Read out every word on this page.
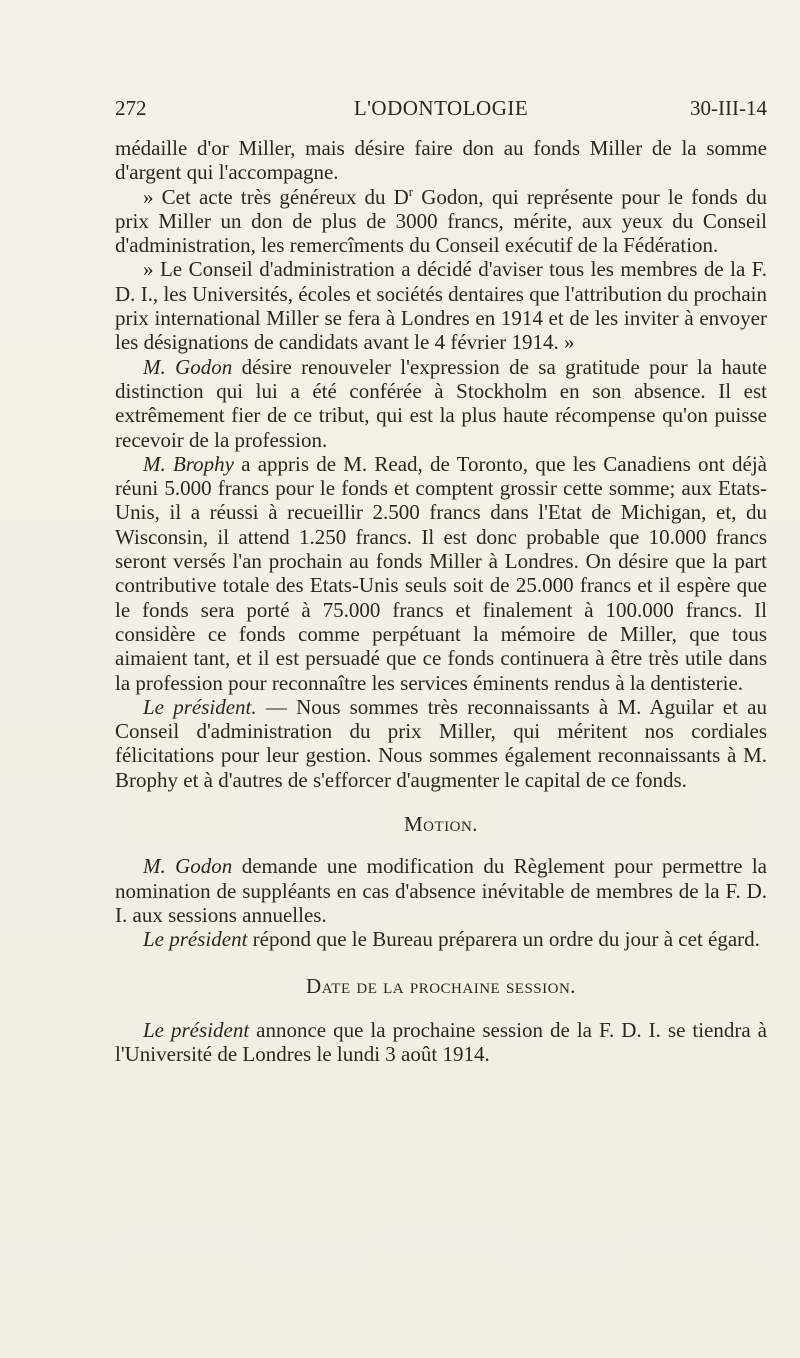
272	L'ODONTOLOGIE	30-III-14

médaille d'or Miller, mais désire faire don au fonds Miller de la somme d'argent qui l'accompagne.

» Cet acte très généreux du $D^r$ Godon, qui représente pour le fonds du prix Miller un don de plus de 3000 francs, mérite, aux yeux du Conseil d'administration, les remercîments du Conseil exécutif de la Fédération.

» Le Conseil d'administration a décidé d'aviser tous les membres de la F. D. I., les Universités, écoles et sociétés dentaires que l'attribution du prochain prix international Miller se fera à Londres en 1914 et de les inviter à envoyer les désignations de candidats avant le 4 février 1914. »

M. Godon désire renouveler l'expression de sa gratitude pour la haute distinction qui lui a été conférée à Stockholm en son absence. Il est extrêmement fier de ce tribut, qui est la plus haute récompense qu'on puisse recevoir de la profession.

M. Brophy a appris de M. Read, de Toronto, que les Canadiens ont déjà réuni 5.000 francs pour le fonds et comptent grossir cette somme; aux Etats-Unis, il a réussi à recueillir 2.500 francs dans l'Etat de Michigan, et, du Wisconsin, il attend 1.250 francs. Il est donc probable que 10.000 francs seront versés l'an prochain au fonds Miller à Londres. On désire que la part contributive totale des Etats-Unis seuls soit de 25.000 francs et il espère que le fonds sera porté à 75.000 francs et finalement à 100.000 francs. Il considère ce fonds comme perpétuant la mémoire de Miller, que tous aimaient tant, et il est persuadé que ce fonds continuera à être très utile dans la profession pour reconnaître les services éminents rendus à la dentisterie.

Le président. — Nous sommes très reconnaissants à M. Aguilar et au Conseil d'administration du prix Miller, qui méritent nos cordiales félicitations pour leur gestion. Nous sommes également reconnaissants à M. Brophy et à d'autres de s'efforcer d'augmenter le capital de ce fonds.

Motion.

M. Godon demande une modification du Règlement pour permettre la nomination de suppléants en cas d'absence inévitable de membres de la F. D. I. aux sessions annuelles.

Le président répond que le Bureau préparera un ordre du jour à cet égard.

Date de la prochaine session.

Le président annonce que la prochaine session de la F. D. I. se tiendra à l'Université de Londres le lundi 3 août 1914.
